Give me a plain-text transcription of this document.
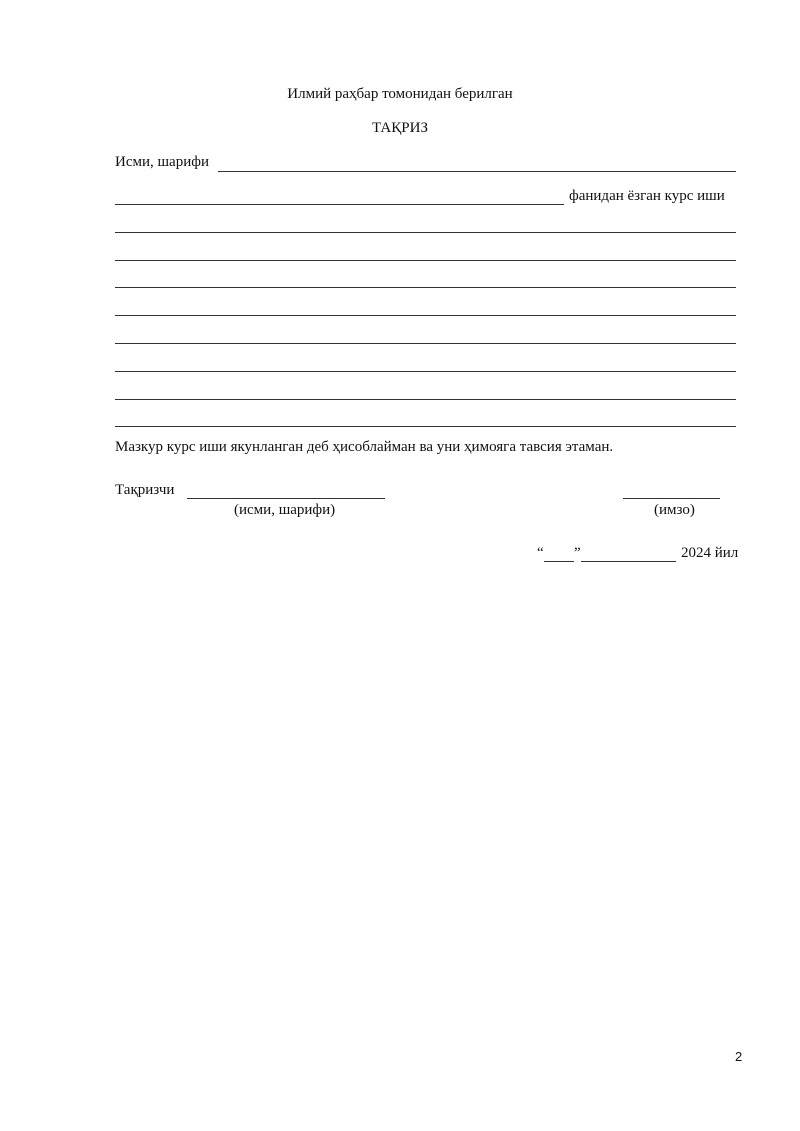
Илмий раҳбар томонидан берилган
ТАҚРИЗ
Исми, шарифи
фанидан ёзган курс иши
Мазкур курс иши якунланган деб ҳисоблайман ва уни ҳимояга тавсия этаман.
Тақризчи
(исми, шарифи)	(имзо)
“ ”	2024 йил
2
